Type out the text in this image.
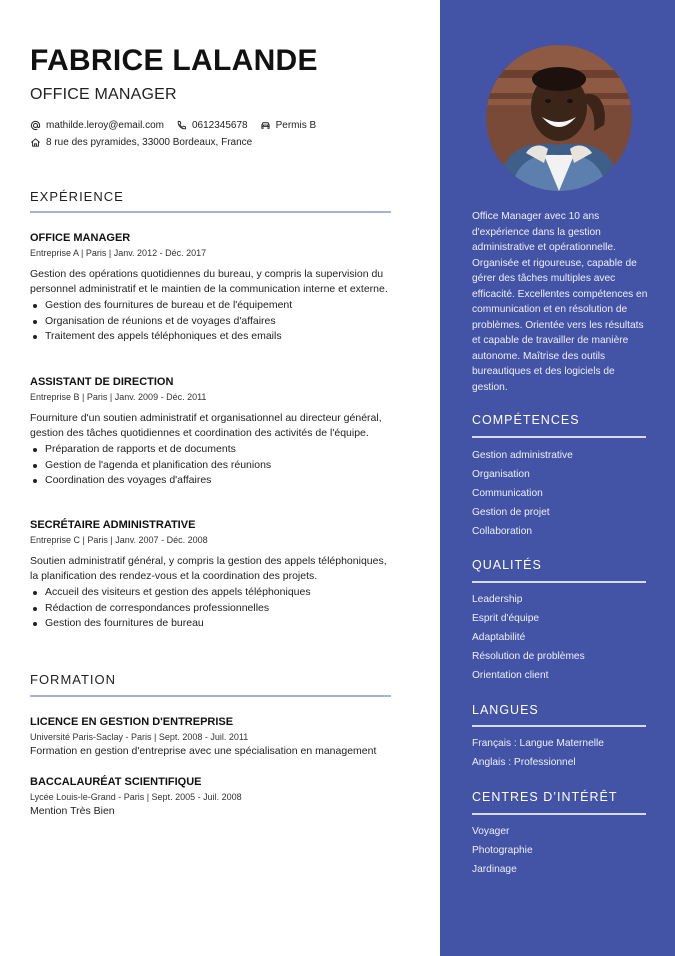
FABRICE LALANDE
OFFICE MANAGER
mathilde.leroy@email.com	0612345678	Permis B
8 rue des pyramides, 33000 Bordeaux, France
EXPÉRIENCE
OFFICE MANAGER
Entreprise A | Paris | Janv. 2012 - Déc. 2017
Gestion des opérations quotidiennes du bureau, y compris la supervision du personnel administratif et le maintien de la communication interne et externe.
Gestion des fournitures de bureau et de l'équipement
Organisation de réunions et de voyages d'affaires
Traitement des appels téléphoniques et des emails
ASSISTANT DE DIRECTION
Entreprise B | Paris | Janv. 2009 - Déc. 2011
Fourniture d'un soutien administratif et organisationnel au directeur général, gestion des tâches quotidiennes et coordination des activités de l'équipe.
Préparation de rapports et de documents
Gestion de l'agenda et planification des réunions
Coordination des voyages d'affaires
SECRÉTAIRE ADMINISTRATIVE
Entreprise C | Paris | Janv. 2007 - Déc. 2008
Soutien administratif général, y compris la gestion des appels téléphoniques, la planification des rendez-vous et la coordination des projets.
Accueil des visiteurs et gestion des appels téléphoniques
Rédaction de correspondances professionnelles
Gestion des fournitures de bureau
FORMATION
LICENCE EN GESTION D'ENTREPRISE
Université Paris-Saclay - Paris | Sept. 2008 - Juil. 2011
Formation en gestion d'entreprise avec une spécialisation en management
BACCALAURÉAT SCIENTIFIQUE
Lycée Louis-le-Grand - Paris | Sept. 2005 - Juil. 2008
Mention Très Bien
Office Manager avec 10 ans d'expérience dans la gestion administrative et opérationnelle. Organisée et rigoureuse, capable de gérer des tâches multiples avec efficacité. Excellentes compétences en communication et en résolution de problèmes. Orientée vers les résultats et capable de travailler de manière autonome. Maîtrise des outils bureautiques et des logiciels de gestion.
COMPÉTENCES
Gestion administrative
Organisation
Communication
Gestion de projet
Collaboration
QUALITÉS
Leadership
Esprit d'équipe
Adaptabilité
Résolution de problèmes
Orientation client
LANGUES
Français : Langue Maternelle
Anglais : Professionnel
CENTRES D’INTÉRÊT
Voyager
Photographie
Jardinage
